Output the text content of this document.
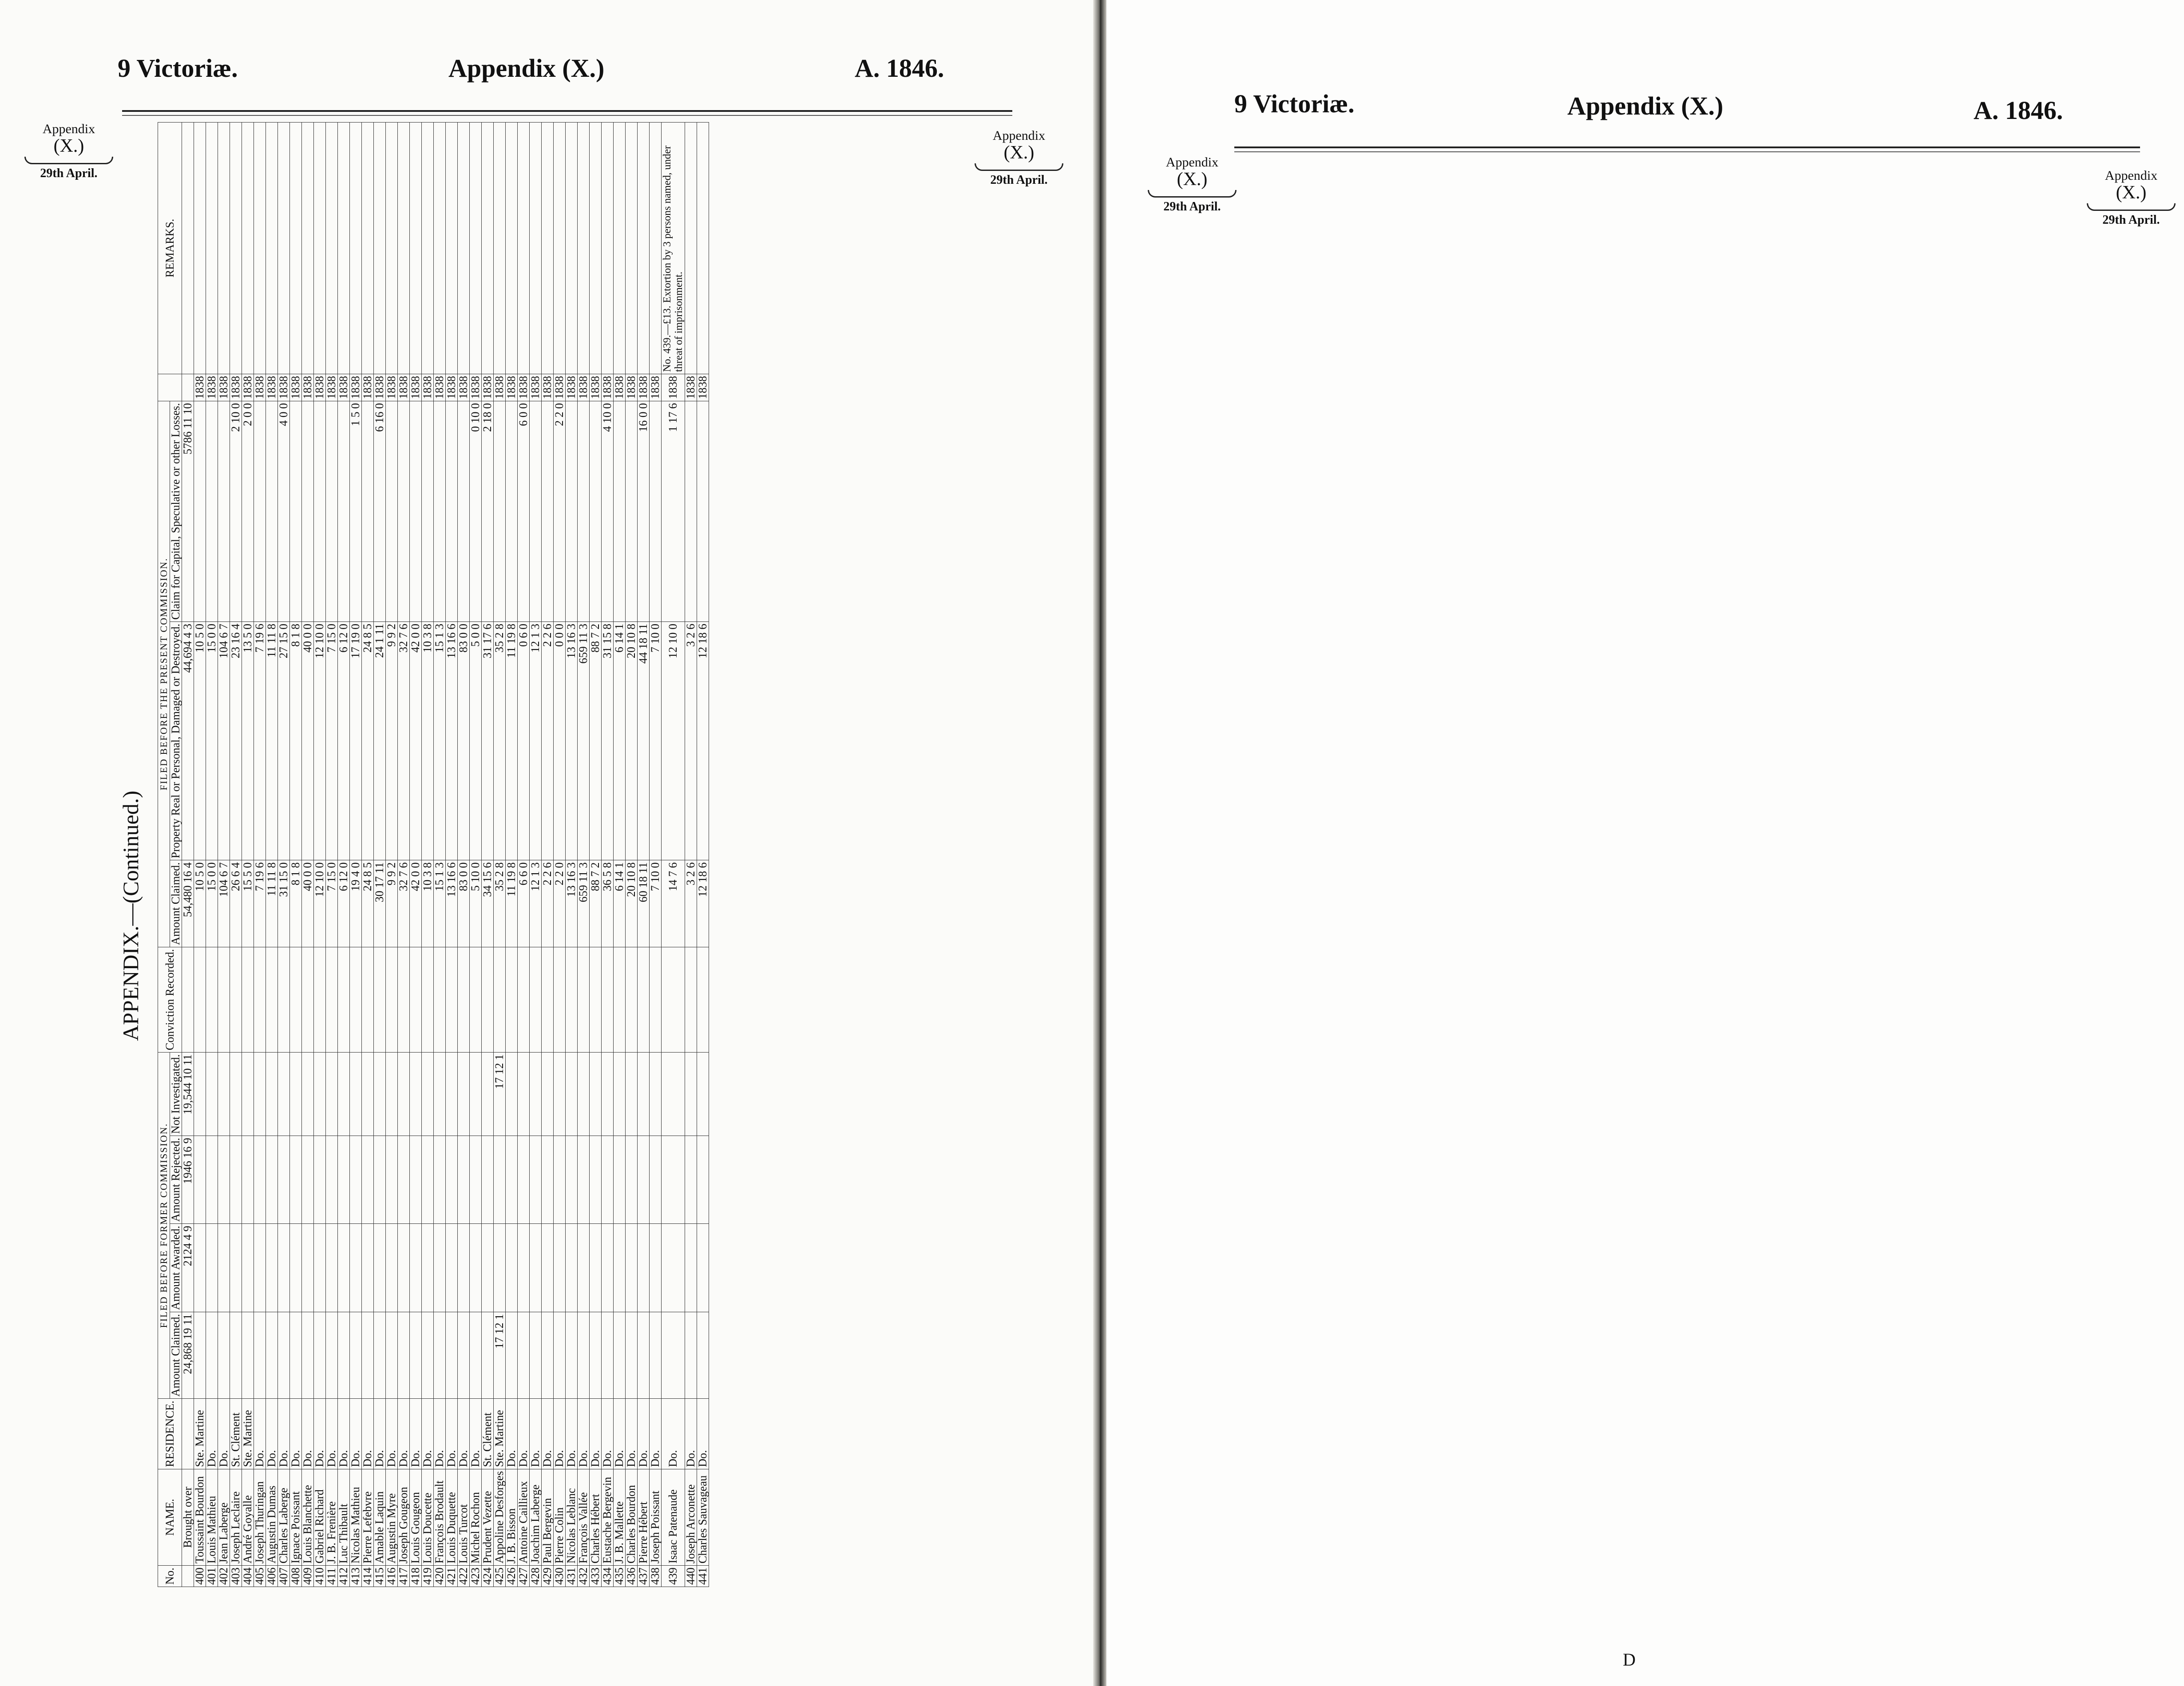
9 Victoriæ.	Appendix (X.)	A. 1846.
Appendix
(X.)
29th April.
Appendix
(X.)
29th April.
APPENDIX.—(Continued.)
No.	NAME.	RESIDENCE.	FILED BEFORE FORMER COMMISSION.				Conviction Recorded.	FILED BEFORE THE PRESENT COMMISSION.				REMARKS.
			Amount Claimed.	Amount Awarded.	Amount Rejected.	Not Investigated.		Amount Claimed.	Property Real or Personal, Damaged or Destroyed.	Claim for Capital, Speculative or other Losses.		
	Brought over		24,868 19 11	2124 4 9	1946 16 9	19,544 10 11		54,480 16 4	44,694 4 3	5786 11 10		
400	Toussaint Bourdon	Ste. Martine						10 5 0	10 5 0		1838	
401	Louis Mathieu	Do.						15 0 0	15 0 0		1838	
402	Jean Laberge	Do.						104 6 7	104 6 7		1838	
403	Joseph Leclaire	St. Clément						26 6 4	23 16 4	2 10 0	1838	
404	André Goyalle	Ste. Martine						15 5 0	13 5 0	2 0 0	1838	
405	Joseph Thuringan	Do.						7 19 6	7 19 6		1838	
406	Augustin Dumas	Do.						11 11 8	11 11 8		1838	
407	Charles Laberge	Do.						31 15 0	27 15 0	4 0 0	1838	
408	Ignace Poissant	Do.						8 1 8	8 1 8		1838	
409	Louis Blanchette	Do.						40 0 0	40 0 0		1838	
410	Gabriel Richard	Do.						12 10 0	12 10 0		1838	
411	J. B. Frenière	Do.						7 15 0	7 15 0		1838	
412	Luc Thibault	Do.						6 12 0	6 12 0		1838	
413	Nicolas Mathieu	Do.						19 4 0	17 19 0	1 5 0	1838	
414	Pierre Lefebvre	Do.						24 8 5	24 8 5		1838	
415	Amable Laquin	Do.						30 17 11	24 1 11	6 16 0	1838	
416	Augustin Myre	Do.						9 9 2	9 9 2		1838	
417	Joseph Gougeon	Do.						32 7 6	32 7 6		1838	
418	Louis Gougeon	Do.						42 0 0	42 0 0		1838	
419	Louis Doucette	Do.						10 3 8	10 3 8		1838	
420	François Brodault	Do.						15 1 3	15 1 3		1838	
421	Louis Duquette	Do.						13 16 6	13 16 6		1838	
422	Louis Turcot	Do.						83 0 0	83 0 0		1838	
423	Michel Rochon	Do.						5 10 0	5 0 0	0 10 0	1838	
424	Prudent Vezette	St. Clément						34 15 6	31 17 6	2 18 0	1838	
425	Appoline Desforges	Ste. Martine	17 12 1			17 12 1		35 2 8	35 2 8		1838	
426	J. B. Bisson	Do.						11 19 8	11 19 8		1838	
427	Antoine Caillieux	Do.						6 6 0	0 6 0	6 0 0	1838	
428	Joachim Laberge	Do.						12 1 3	12 1 3		1838	
429	Paul Bergevin	Do.						2 2 6	2 2 6		1838	
430	Pierre Colin	Do.						2 2 0	0 0 0	2 2 0	1838	
431	Nicolas Leblanc	Do.						13 16 3	13 16 3		1838	
432	François Vallée	Do.						659 11 3	659 11 3		1838	
433	Charles Hébert	Do.						88 7 2	88 7 2		1838	
434	Eustache Bergevin	Do.						36 5 8	31 15 8	4 10 0	1838	
435	J. B. Mallette	Do.						6 14 1	6 14 1		1838	
436	Charles Bourdon	Do.						20 10 8	20 10 8		1838	
437	Pierre Hébert	Do.						60 18 11	44 18 11	16 0 0	1838	
438	Joseph Poissant	Do.						7 10 0	7 10 0		1838	
439	Isaac Patenaude	Do.						14 7 6	12 10 0	1 17 6	1838	No. 439.—£13. Extortion by 3 persons named, under threat of imprisonment.
440	Joseph Arconette	Do.						3 2 6	3 2 6		1838	
441	Charles Sauvageau	Do.						12 18 6	12 18 6		1838	
9 Victoriæ.	Appendix (X.)	A. 1846.
Appendix
(X.)
29th April.
Appendix
(X.)
29th April.

D
